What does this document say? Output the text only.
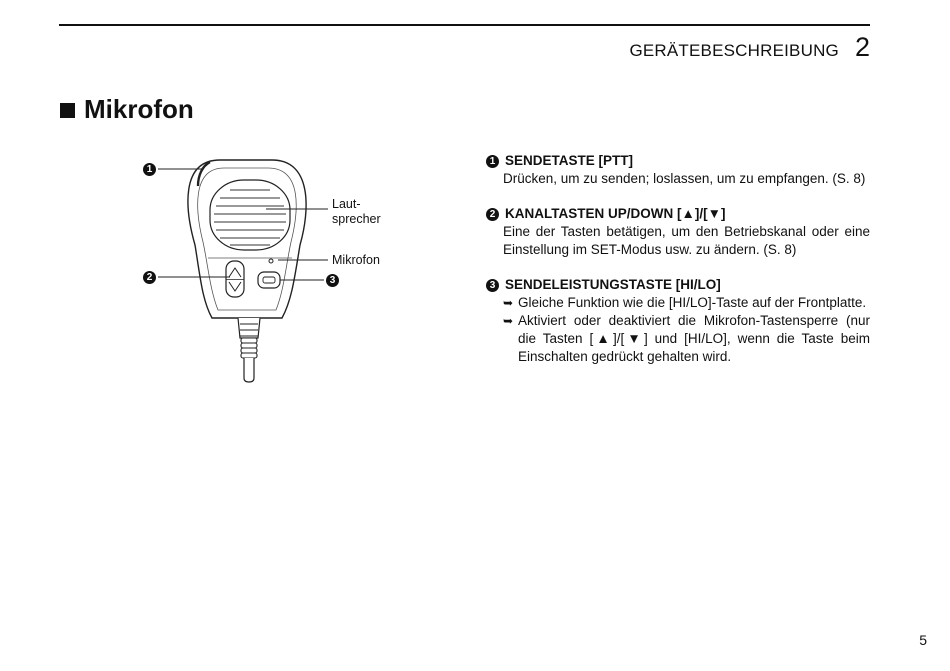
GERÄTEBESCHREIBUNG 2
Mikrofon
1
2	3
Laut-
sprecher
Mikrofon
1 SENDETASTE [PTT]
Drücken, um zu senden; loslassen, um zu empfangen. (S. 8)
2 KANALTASTEN UP/DOWN [▲]/[▼]
Eine der Tasten betätigen, um den Betriebskanal oder eine Einstellung im SET-Modus usw. zu ändern. (S. 8)
3 SENDELEISTUNGSTASTE [HI/LO]
➥ Gleiche Funktion wie die [HI/LO]-Taste auf der Frontplatte.
➥ Aktiviert oder deaktiviert die Mikrofon-Tastensperre (nur die Tasten [▲]/[▼] und [HI/LO], wenn die Taste beim Einschalten gedrückt gehalten wird.
5
